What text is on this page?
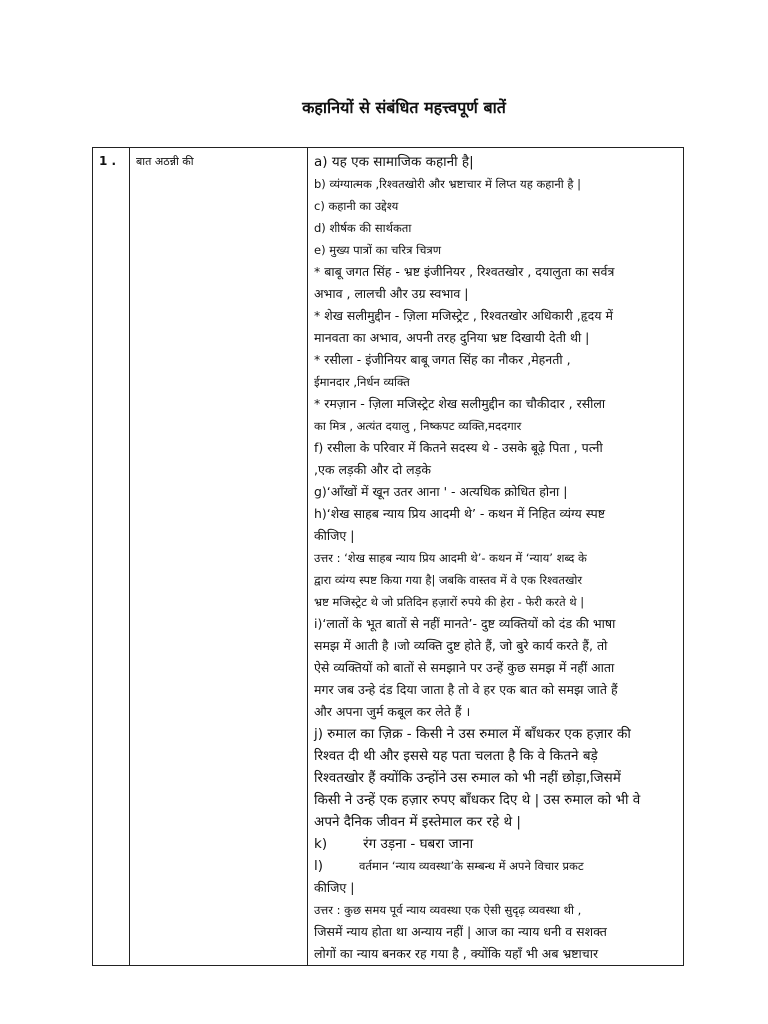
कहानियों से संबंधित महत्त्वपूर्ण बातें
1 .	बात अठन्नी की	a) यह एक सामाजिक कहानी है|
b) व्यंग्यात्मक ,रिश्वतखोरी और भ्रष्टाचार में लिप्त यह कहानी है |
c) कहानी का उद्देश्य
d) शीर्षक की सार्थकता
e) मुख्य पात्रों का चरित्र चित्रण
* बाबू जगत सिंह - भ्रष्ट इंजीनियर , रिश्वतखोर , दयालुता का सर्वत्र
अभाव , लालची और उग्र स्वभाव |
* शेख सलीमुद्दीन - ज़िला मजिस्ट्रेट , रिश्वतखोर अधिकारी ,हृदय में
मानवता का अभाव, अपनी तरह दुनिया भ्रष्ट दिखायी देती थी |
* रसीला - इंजीनियर बाबू जगत सिंह का नौकर ,मेहनती ,
ईमानदार ,निर्धन व्यक्ति
* रमज़ान - ज़िला मजिस्ट्रेट शेख सलीमुद्दीन का चौकीदार , रसीला
का मित्र , अत्यंत दयालु , निष्कपट व्यक्ति,मददगार
f) रसीला के परिवार में कितने सदस्य थे - उसके बूढ़े पिता , पत्नी
,एक लड़की और दो लड़के
g)‘आँखों में खून उतर आना ' - अत्यधिक क्रोधित होना |
h)‘शेख साहब न्याय प्रिय आदमी थे’ - कथन में निहित व्यंग्य स्पष्ट
कीजिए |
उत्तर : ‘शेख साहब न्याय प्रिय आदमी थे’- कथन में ‘न्याय’ शब्द के
द्वारा व्यंग्य स्पष्ट किया गया है| जबकि वास्तव में वे एक रिश्वतखोर
भ्रष्ट मजिस्ट्रेट थे जो प्रतिदिन हज़ारों रुपये की हेरा - फेरी करते थे |
i)‘लातों के भूत बातों से नहीं मानते’- दुष्ट व्यक्तियों को दंड की भाषा
समझ में आती है ।जो व्यक्ति दुष्ट होते हैं, जो बुरे कार्य करते हैं, तो
ऐसे व्यक्तियों को बातों से समझाने पर उन्हें कुछ समझ में नहीं आता
मगर जब उन्हे दंड दिया जाता है तो वे हर एक बात को समझ जाते हैं
और अपना जुर्म कबूल कर लेते हैं ।
j) रुमाल का ज़िक्र - किसी ने उस रुमाल में बाँधकर एक हज़ार की
रिश्वत दी थी और इससे यह पता चलता है कि वे कितने बड़े
रिश्वतखोर हैं क्योंकि उन्होंने उस रुमाल को भी नहीं छोड़ा,जिसमें
किसी ने उन्हें एक हज़ार रुपए बाँधकर दिए थे | उस रुमाल को भी वे
अपने दैनिक जीवन में इस्तेमाल कर रहे थे |
k)	रंग उड़ना - घबरा जाना
l)	वर्तमान ‘न्याय व्यवस्था’के सम्बन्ध में अपने विचार प्रकट
कीजिए |
उत्तर : कुछ समय पूर्व न्याय व्यवस्था एक ऐसी सुदृढ़ व्यवस्था थी ,
जिसमें न्याय होता था अन्याय नहीं | आज का न्याय धनी व सशक्त
लोगों का न्याय बनकर रह गया है , क्योंकि यहाँ भी अब भ्रष्टाचार
